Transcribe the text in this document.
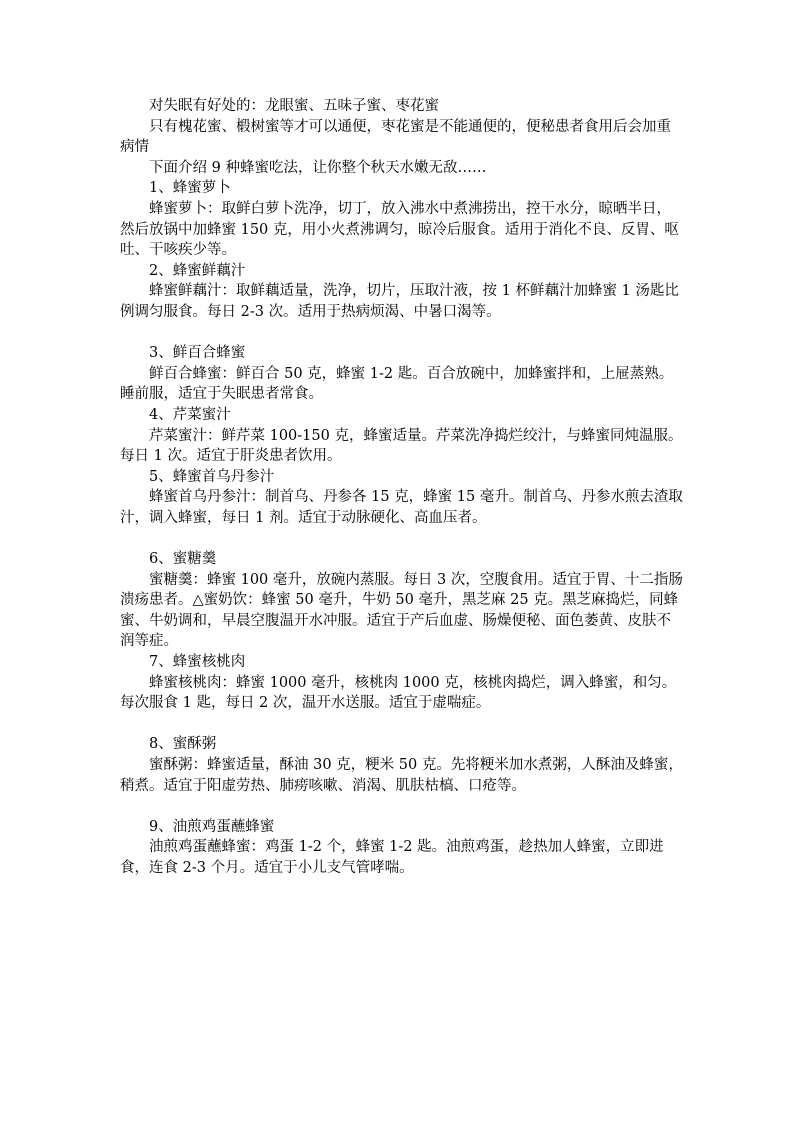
对失眠有好处的：龙眼蜜、五味子蜜、枣花蜜

只有槐花蜜、椴树蜜等才可以通便，枣花蜜是不能通便的，便秘患者食用后会加重病情

下面介绍 9 种蜂蜜吃法，让你整个秋天水嫩无敌……

1、蜂蜜萝卜

蜂蜜萝卜：取鲜白萝卜洗净，切丁，放入沸水中煮沸捞出，控干水分，晾晒半日，然后放锅中加蜂蜜 150 克，用小火煮沸调匀，晾冷后服食。适用于消化不良、反胃、呕吐、干咳疾少等。

2、蜂蜜鲜藕汁

蜂蜜鲜藕汁：取鲜藕适量，洗净，切片，压取汁液，按 1 杯鲜藕汁加蜂蜜 1 汤匙比例调匀服食。每日 2-3 次。适用于热病烦渴、中暑口渴等。

3、鲜百合蜂蜜

鲜百合蜂蜜：鲜百合 50 克，蜂蜜 1-2 匙。百合放碗中，加蜂蜜拌和，上屉蒸熟。睡前服，适宜于失眠患者常食。

4、芹菜蜜汁

芹菜蜜汁：鲜芹菜 100-150 克，蜂蜜适量。芹菜洗净捣烂绞汁，与蜂蜜同炖温服。每日 1 次。适宜于肝炎患者饮用。

5、蜂蜜首乌丹参汁

蜂蜜首乌丹参汁：制首乌、丹参各 15 克，蜂蜜 15 毫升。制首乌、丹参水煎去渣取汁，调入蜂蜜，每日 1 剂。适宜于动脉硬化、高血压者。

6、蜜糖羹

蜜糖羹：蜂蜜 100 毫升，放碗内蒸服。每日 3 次，空腹食用。适宜于胃、十二指肠溃疡患者。△蜜奶饮：蜂蜜 50 毫升，牛奶 50 毫升，黑芝麻 25 克。黑芝麻捣烂，同蜂蜜、牛奶调和，早晨空腹温开水冲服。适宜于产后血虚、肠燥便秘、面色萎黄、皮肤不润等症。

7、蜂蜜核桃肉

蜂蜜核桃肉：蜂蜜 1000 毫升，核桃肉 1000 克，核桃肉捣烂，调入蜂蜜，和匀。每次服食 1 匙，每日 2 次，温开水送服。适宜于虚喘症。

8、蜜酥粥

蜜酥粥：蜂蜜适量，酥油 30 克，粳米 50 克。先将粳米加水煮粥，人酥油及蜂蜜，稍煮。适宜于阳虚劳热、肺痨咳嗽、消渴、肌肤枯槁、口疮等。

9、油煎鸡蛋蘸蜂蜜

油煎鸡蛋蘸蜂蜜：鸡蛋 1-2 个，蜂蜜 1-2 匙。油煎鸡蛋，趁热加人蜂蜜，立即进食，连食 2-3 个月。适宜于小儿支气管哮喘。
